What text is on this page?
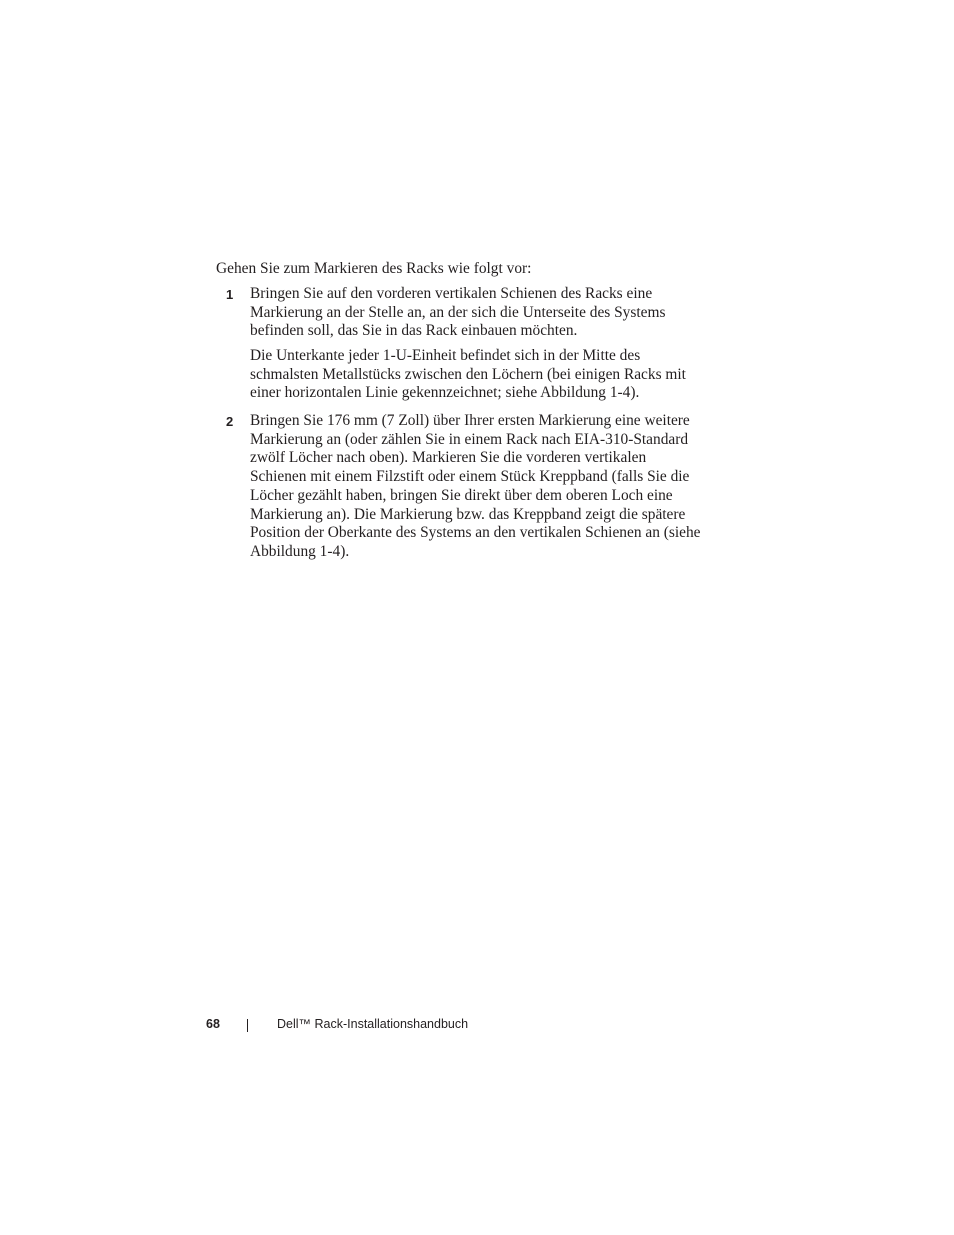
Gehen Sie zum Markieren des Racks wie folgt vor:

1 Bringen Sie auf den vorderen vertikalen Schienen des Racks eine Markierung an der Stelle an, an der sich die Unterseite des Systems befinden soll, das Sie in das Rack einbauen möchten.

Die Unterkante jeder 1-U-Einheit befindet sich in der Mitte des schmalsten Metallstücks zwischen den Löchern (bei einigen Racks mit einer horizontalen Linie gekennzeichnet; siehe Abbildung 1-4).

2 Bringen Sie 176 mm (7 Zoll) über Ihrer ersten Markierung eine weitere Markierung an (oder zählen Sie in einem Rack nach EIA-310-Standard zwölf Löcher nach oben). Markieren Sie die vorderen vertikalen Schienen mit einem Filzstift oder einem Stück Kreppband (falls Sie die Löcher gezählt haben, bringen Sie direkt über dem oberen Loch eine Markierung an). Die Markierung bzw. das Kreppband zeigt die spätere Position der Oberkante des Systems an den vertikalen Schienen an (siehe Abbildung 1-4).

68	Dell™ Rack-Installationshandbuch
